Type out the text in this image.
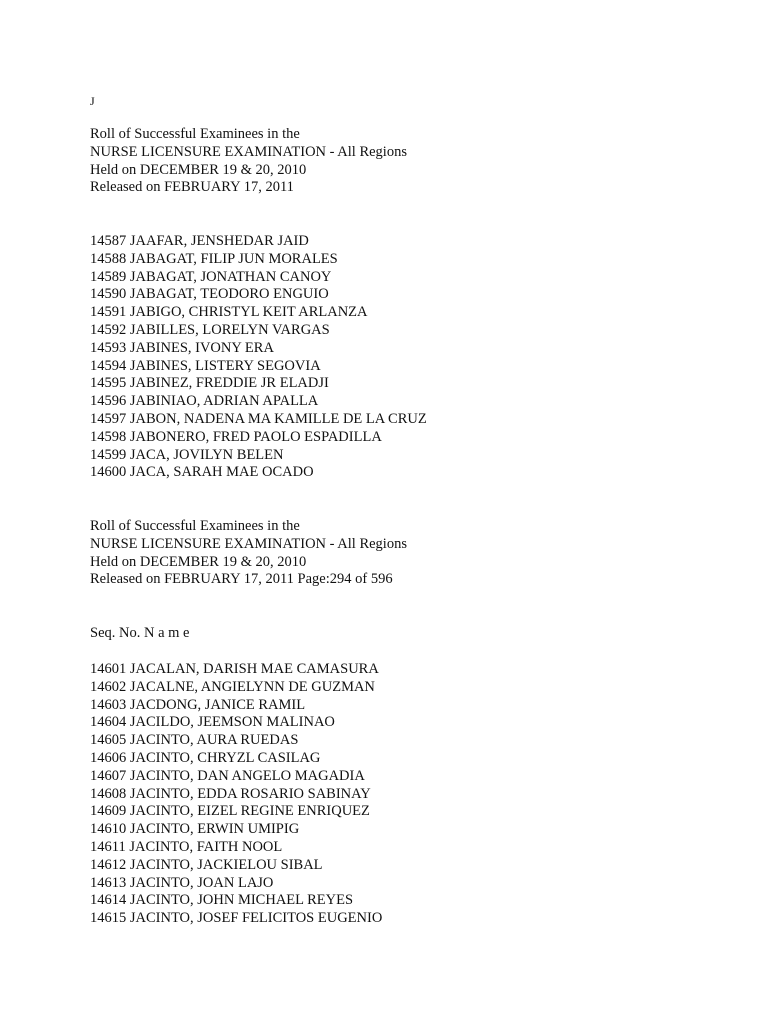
J
Roll of Successful Examinees in the
NURSE LICENSURE EXAMINATION - All Regions
Held on DECEMBER 19 & 20, 2010
Released on FEBRUARY 17, 2011
14587 JAAFAR, JENSHEDAR JAID
14588 JABAGAT, FILIP JUN MORALES
14589 JABAGAT, JONATHAN CANOY
14590 JABAGAT, TEODORO ENGUIO
14591 JABIGO, CHRISTYL KEIT ARLANZA
14592 JABILLES, LORELYN VARGAS
14593 JABINES, IVONY ERA
14594 JABINES, LISTERY SEGOVIA
14595 JABINEZ, FREDDIE JR ELADJI
14596 JABINIAO, ADRIAN APALLA
14597 JABON, NADENA MA KAMILLE DE LA CRUZ
14598 JABONERO, FRED PAOLO ESPADILLA
14599 JACA, JOVILYN BELEN
14600 JACA, SARAH MAE OCADO
Roll of Successful Examinees in the
NURSE LICENSURE EXAMINATION - All Regions
Held on DECEMBER 19 & 20, 2010
Released on FEBRUARY 17, 2011 Page:294 of 596
Seq. No. N a m e
14601 JACALAN, DARISH MAE CAMASURA
14602 JACALNE, ANGIELYNN DE GUZMAN
14603 JACDONG, JANICE RAMIL
14604 JACILDO, JEEMSON MALINAO
14605 JACINTO, AURA RUEDAS
14606 JACINTO, CHRYZL CASILAG
14607 JACINTO, DAN ANGELO MAGADIA
14608 JACINTO, EDDA ROSARIO SABINAY
14609 JACINTO, EIZEL REGINE ENRIQUEZ
14610 JACINTO, ERWIN UMIPIG
14611 JACINTO, FAITH NOOL
14612 JACINTO, JACKIELOU SIBAL
14613 JACINTO, JOAN LAJO
14614 JACINTO, JOHN MICHAEL REYES
14615 JACINTO, JOSEF FELICITOS EUGENIO
